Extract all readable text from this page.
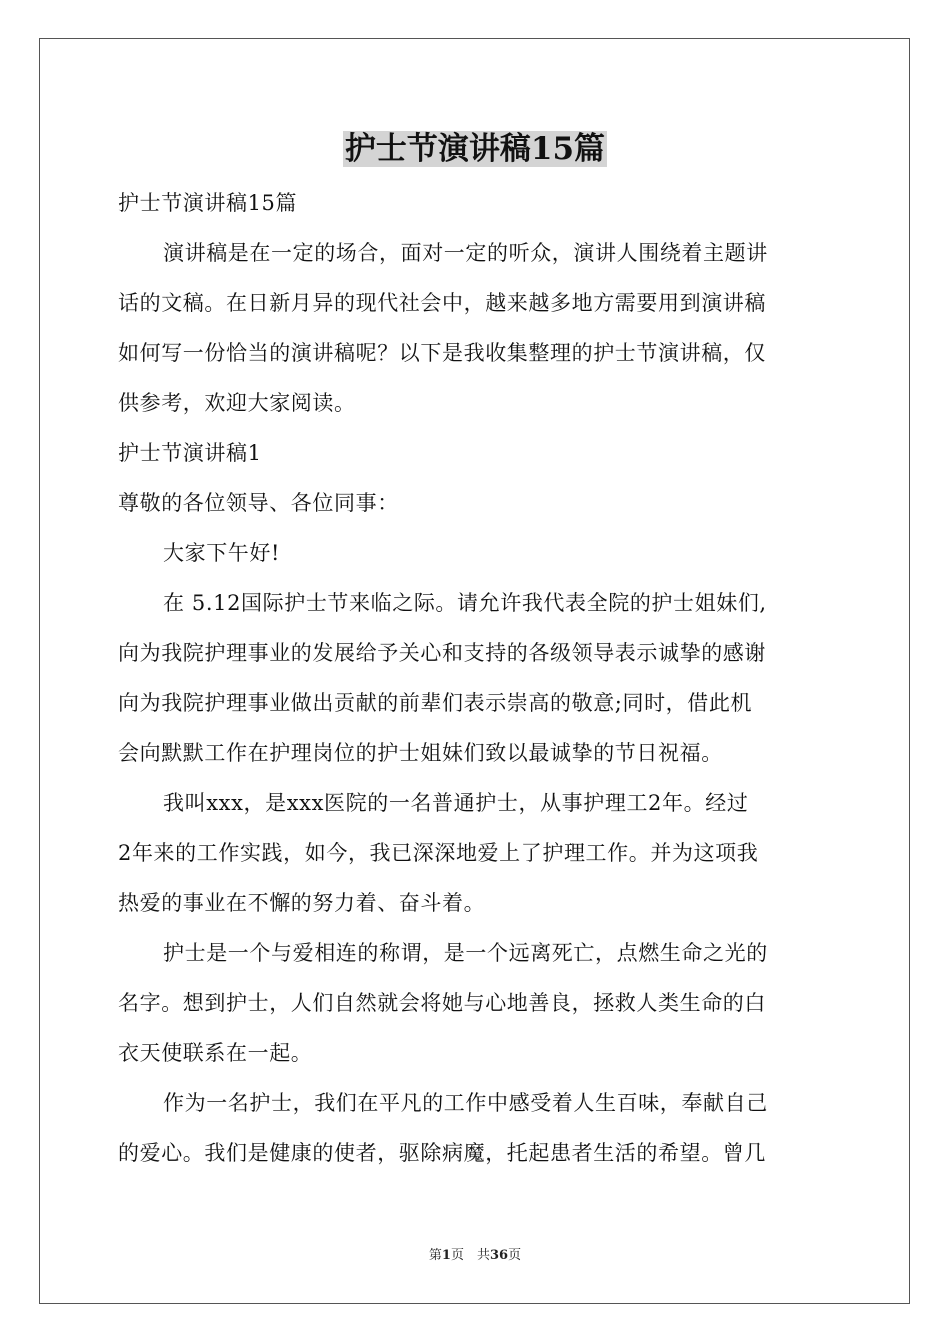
护士节演讲稿15篇
护士节演讲稿15篇
演讲稿是在一定的场合，面对一定的听众，演讲人围绕着主题讲
话的文稿。在日新月异的现代社会中，越来越多地方需要用到演讲稿
如何写一份恰当的演讲稿呢？以下是我收集整理的护士节演讲稿，仅
供参考，欢迎大家阅读。
护士节演讲稿1
尊敬的各位领导、各位同事：
大家下午好!
在 5.12国际护士节来临之际。请允许我代表全院的护士姐妹们,
向为我院护理事业的发展给予关心和支持的各级领导表示诚挚的感谢
向为我院护理事业做出贡献的前辈们表示崇高的敬意;同时，借此机
会向默默工作在护理岗位的护士姐妹们致以最诚挚的节日祝福。
我叫xxx，是xxx医院的一名普通护士，从事护理工2年。经过
2年来的工作实践，如今，我已深深地爱上了护理工作。并为这项我
热爱的事业在不懈的努力着、奋斗着。
护士是一个与爱相连的称谓，是一个远离死亡，点燃生命之光的
名字。想到护士，人们自然就会将她与心地善良，拯救人类生命的白
衣天使联系在一起。
作为一名护士，我们在平凡的工作中感受着人生百味，奉献自己
的爱心。我们是健康的使者，驱除病魔，托起患者生活的希望。曾几
第1页　共36页
